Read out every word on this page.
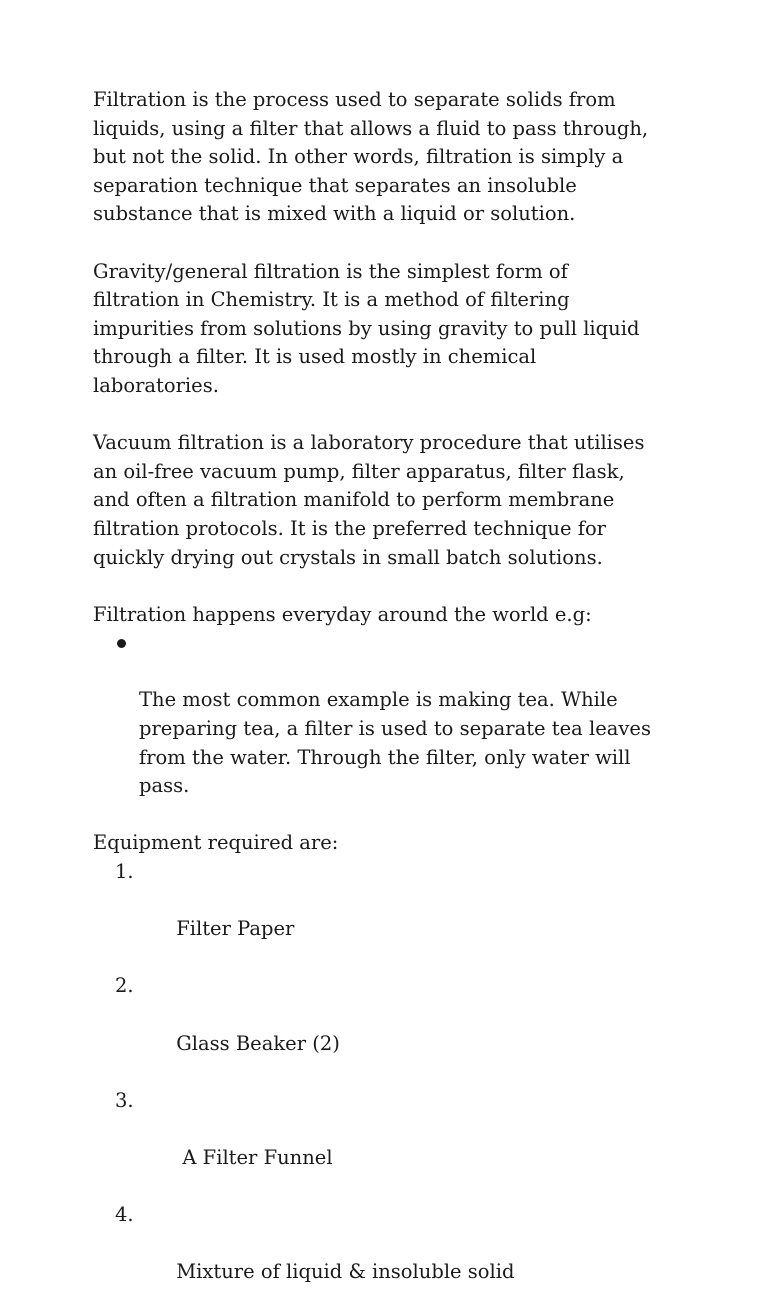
Filtration is the process used to separate solids from
liquids, using a filter that allows a fluid to pass through,
but not the solid. In other words, filtration is simply a
separation technique that separates an insoluble
substance that is mixed with a liquid or solution.

Gravity/general filtration is the simplest form of
filtration in Chemistry. It is a method of filtering
impurities from solutions by using gravity to pull liquid
through a filter. It is used mostly in chemical
laboratories.

Vacuum filtration is a laboratory procedure that utilises
an oil-free vacuum pump, filter apparatus, filter flask,
and often a filtration manifold to perform membrane
filtration protocols. It is the preferred technique for
quickly drying out crystals in small batch solutions.

Filtration happens everyday around the world e.g:

The most common example is making tea. While
preparing tea, a filter is used to separate tea leaves
from the water. Through the filter, only water will
pass.

Equipment required are:

1.

Filter Paper

2.

Glass Beaker (2)

3.

A Filter Funnel

4.

Mixture of liquid & insoluble solid
